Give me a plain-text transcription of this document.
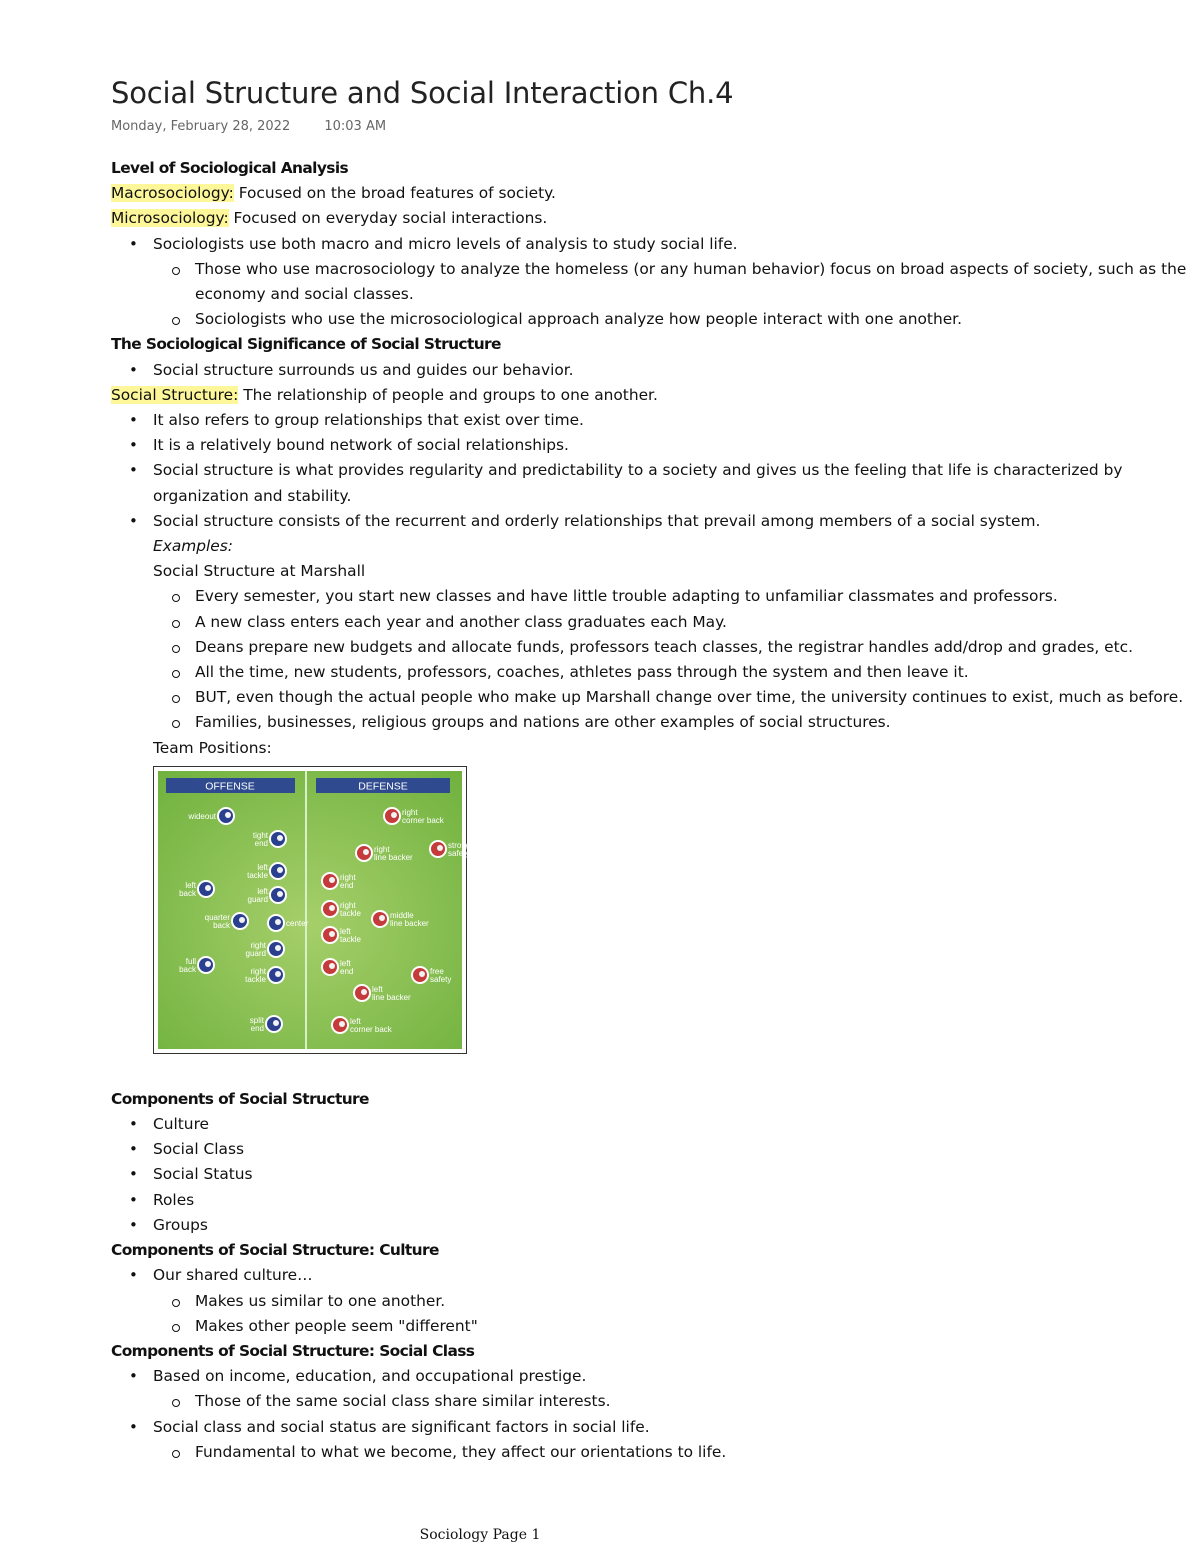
Social Structure and Social Interaction Ch.4
Monday, February 28, 2022	10:03 AM

Level of Sociological Analysis

Macrosociology: Focused on the broad features of society.

Microsociology: Focused on everyday social interactions.

• Sociologists use both macro and micro levels of analysis to study social life.
Those who use macrosociology to analyze the homeless (or any human behavior) focus on broad aspects of society, such as the economy and social classes.
Sociologists who use the microsociological approach analyze how people interact with one another.

The Sociological Significance of Social Structure

• Social structure surrounds us and guides our behavior.

Social Structure: The relationship of people and groups to one another.

• It also refers to group relationships that exist over time.
• It is a relatively bound network of social relationships.
• Social structure is what provides regularity and predictability to a society and gives us the feeling that life is characterized by organization and stability.
• Social structure consists of the recurrent and orderly relationships that prevail among members of a social system.

Examples:

Social Structure at Marshall

Every semester, you start new classes and have little trouble adapting to unfamiliar classmates and professors.
A new class enters each year and another class graduates each May.
Deans prepare new budgets and allocate funds, professors teach classes, the registrar handles add/drop and grades, etc.
All the time, new students, professors, coaches, athletes pass through the system and then leave it.
BUT, even though the actual people who make up Marshall change over time, the university continues to exist, much as before.
Families, businesses, religious groups and nations are other examples of social structures.

Team Positions:

OFFENSE	DEFENSE
wideout
tight end
left tackle
left back	left guard
quarter back	center
right guard
full back	right tackle
split end
right corner back
right line backer
strong safety
right end
right tackle	middle line backer
left tackle
left end	free safety
left line backer
left corner back

Components of Social Structure

• Culture
• Social Class
• Social Status
• Roles
• Groups

Components of Social Structure: Culture

• Our shared culture…
Makes us similar to one another.
Makes other people seem "different"

Components of Social Structure: Social Class

• Based on income, education, and occupational prestige.
Those of the same social class share similar interests.
• Social class and social status are significant factors in social life.
Fundamental to what we become, they affect our orientations to life.
Sociology Page 1
